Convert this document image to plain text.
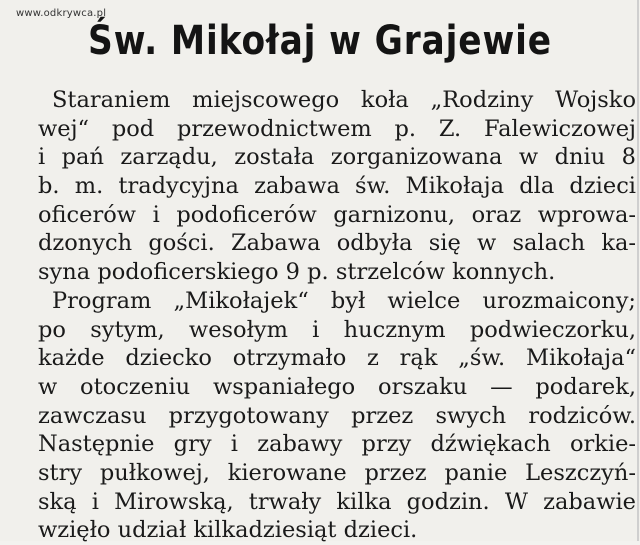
www.odkrywca.pl
Św. Mikołaj w Grajewie
Staraniem miejscowego koła „Rodziny Wojsko
wej“ pod przewodnictwem p. Z. Falewiczowej
i pań zarządu, została zorganizowana w dniu 8
b. m. tradycyjna zabawa św. Mikołaja dla dzieci
oficerów i podoficerów garnizonu, oraz wprowa-
dzonych gości. Zabawa odbyła się w salach ka-
syna podoficerskiego 9 p. strzelców konnych.
Program „Mikołajek“ był wielce urozmaicony;
po sytym, wesołym i hucznym podwieczorku,
każde dziecko otrzymało z rąk „św. Mikołaja“
w otoczeniu wspaniałego orszaku — podarek,
zawczasu przygotowany przez swych rodziców.
Następnie gry i zabawy przy dźwiękach orkie-
stry pułkowej, kierowane przez panie Leszczyń-
ską i Mirowską, trwały kilka godzin. W zabawie
wzięło udział kilkadziesiąt dzieci.
